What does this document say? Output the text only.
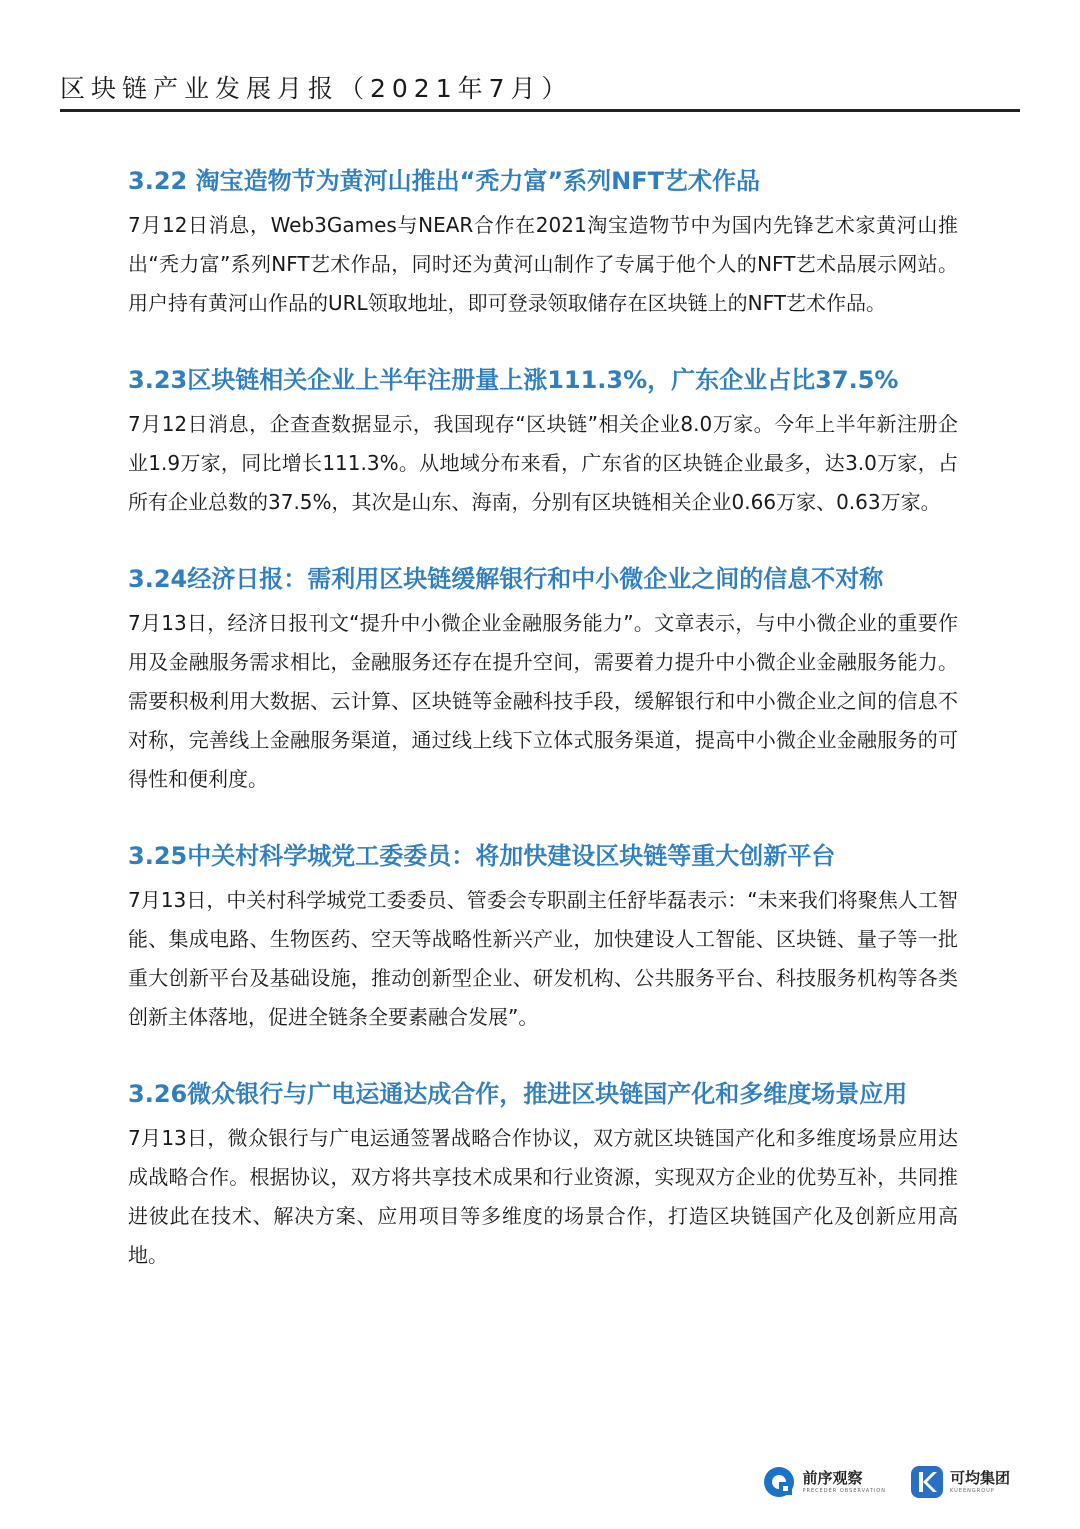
区块链产业发展月报（2021年7月）
3.22 淘宝造物节为黄河山推出“秃力富”系列NFT艺术作品

7月12日消息，Web3Games与NEAR合作在2021淘宝造物节中为国内先锋艺术家黄河山推出“秃力富”系列NFT艺术作品，同时还为黄河山制作了专属于他个人的NFT艺术品展示网站。用户持有黄河山作品的URL领取地址，即可登录领取储存在区块链上的NFT艺术作品。

3.23区块链相关企业上半年注册量上涨111.3%，广东企业占比37.5%

7月12日消息，企查查数据显示，我国现存“区块链”相关企业8.0万家。今年上半年新注册企业1.9万家，同比增长111.3%。从地域分布来看，广东省的区块链企业最多，达3.0万家，占所有企业总数的37.5%，其次是山东、海南，分别有区块链相关企业0.66万家、0.63万家。

3.24经济日报：需利用区块链缓解银行和中小微企业之间的信息不对称

7月13日，经济日报刊文“提升中小微企业金融服务能力”。文章表示，与中小微企业的重要作用及金融服务需求相比，金融服务还存在提升空间，需要着力提升中小微企业金融服务能力。需要积极利用大数据、云计算、区块链等金融科技手段，缓解银行和中小微企业之间的信息不对称，完善线上金融服务渠道，通过线上线下立体式服务渠道，提高中小微企业金融服务的可得性和便利度。

3.25中关村科学城党工委委员：将加快建设区块链等重大创新平台

7月13日，中关村科学城党工委委员、管委会专职副主任舒毕磊表示：“未来我们将聚焦人工智能、集成电路、生物医药、空天等战略性新兴产业，加快建设人工智能、区块链、量子等一批重大创新平台及基础设施，推动创新型企业、研发机构、公共服务平台、科技服务机构等各类创新主体落地，促进全链条全要素融合发展”。

3.26微众银行与广电运通达成合作，推进区块链国产化和多维度场景应用

7月13日，微众银行与广电运通签署战略合作协议，双方就区块链国产化和多维度场景应用达成战略合作。根据协议，双方将共享技术成果和行业资源，实现双方企业的优势互补，共同推进彼此在技术、解决方案、应用项目等多维度的场景合作，打造区块链国产化及创新应用高地。

前序观察
PRECEDER OBSERVATION
可均集团
KUEENGROUP
